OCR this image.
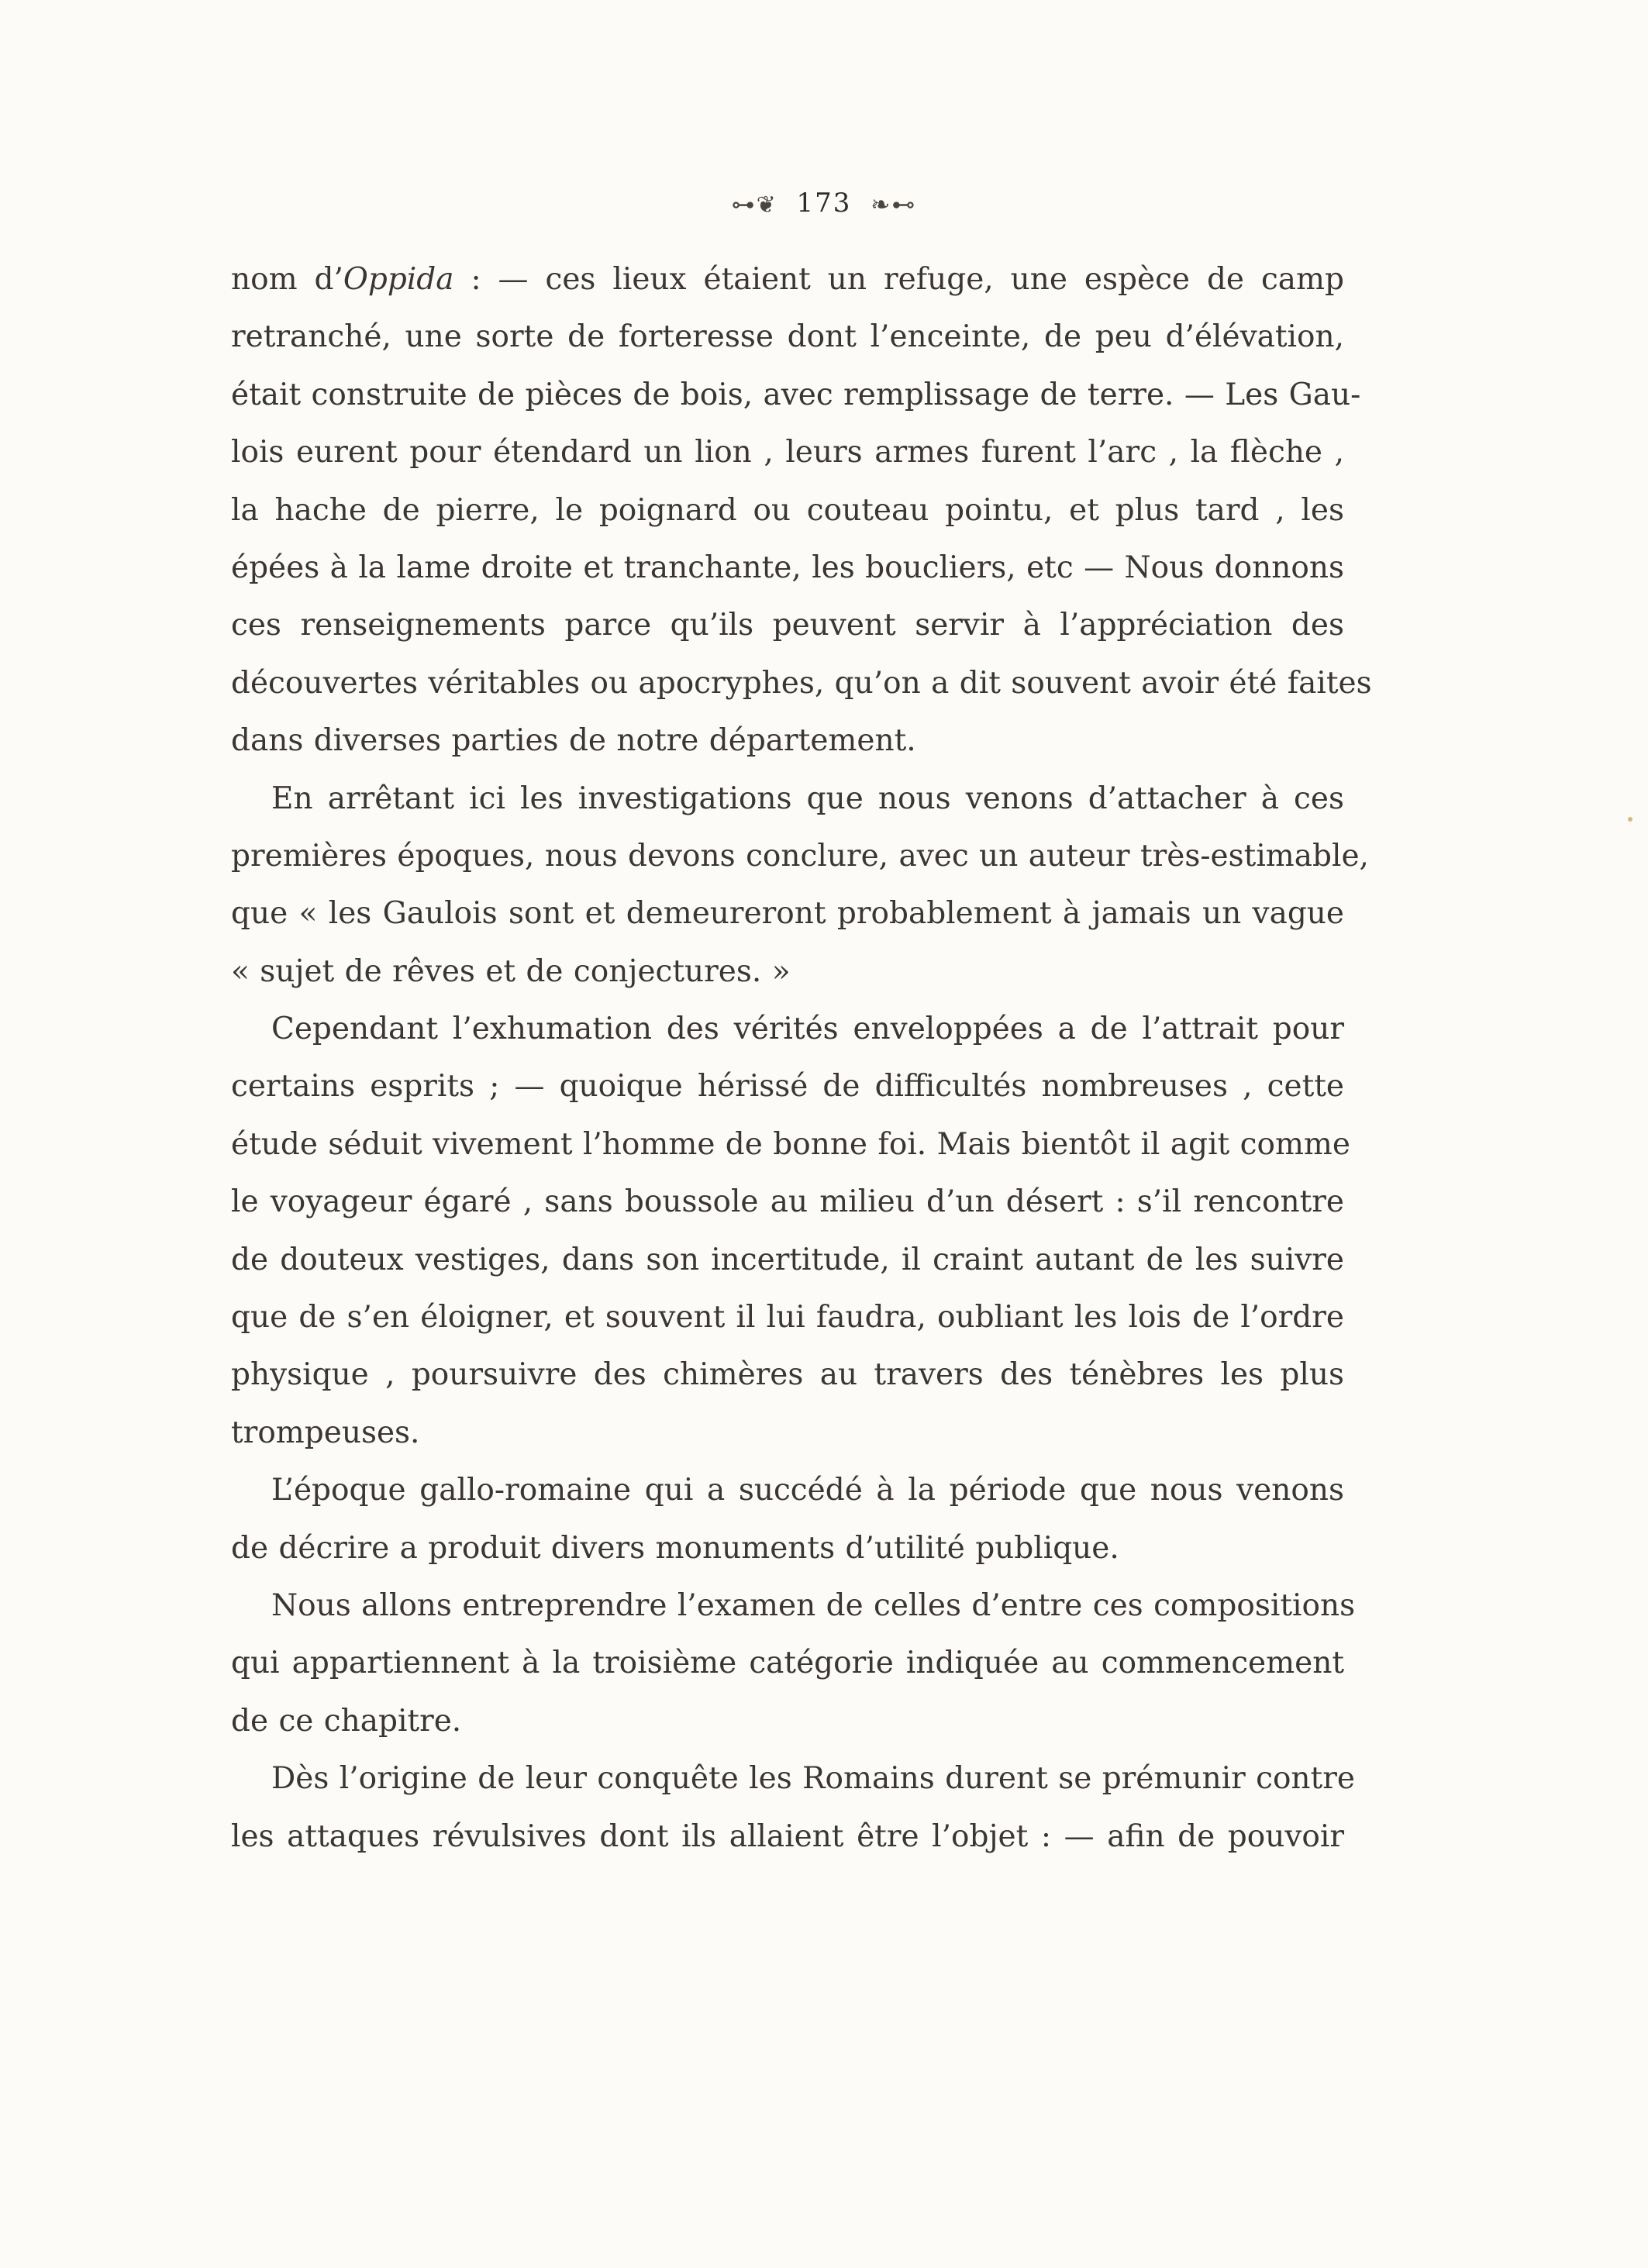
⊶❦ 173 ❧⊷
nom d’Oppida : — ces lieux étaient un refuge, une espèce de camp
retranché, une sorte de forteresse dont l’enceinte, de peu d’élévation,
était construite de pièces de bois, avec remplissage de terre. — Les Gau-
lois eurent pour étendard un lion , leurs armes furent l’arc , la flèche ,
la hache de pierre, le poignard ou couteau pointu, et plus tard , les
épées à la lame droite et tranchante, les boucliers, etc — Nous donnons
ces renseignements parce qu’ils peuvent servir à l’appréciation des
découvertes véritables ou apocryphes, qu’on a dit souvent avoir été faites
dans diverses parties de notre département.
En arrêtant ici les investigations que nous venons d’attacher à ces
premières époques, nous devons conclure, avec un auteur très-estimable,
que « les Gaulois sont et demeureront probablement à jamais un vague
« sujet de rêves et de conjectures. »
Cependant l’exhumation des vérités enveloppées a de l’attrait pour
certains esprits ; — quoique hérissé de difficultés nombreuses , cette
étude séduit vivement l’homme de bonne foi. Mais bientôt il agit comme
le voyageur égaré , sans boussole au milieu d’un désert : s’il rencontre
de douteux vestiges, dans son incertitude, il craint autant de les suivre
que de s’en éloigner, et souvent il lui faudra, oubliant les lois de l’ordre
physique , poursuivre des chimères au travers des ténèbres les plus
trompeuses.
L’époque gallo-romaine qui a succédé à la période que nous venons
de décrire a produit divers monuments d’utilité publique.
Nous allons entreprendre l’examen de celles d’entre ces compositions
qui appartiennent à la troisième catégorie indiquée au commencement
de ce chapitre.
Dès l’origine de leur conquête les Romains durent se prémunir contre
les attaques révulsives dont ils allaient être l’objet : — afin de pouvoir
